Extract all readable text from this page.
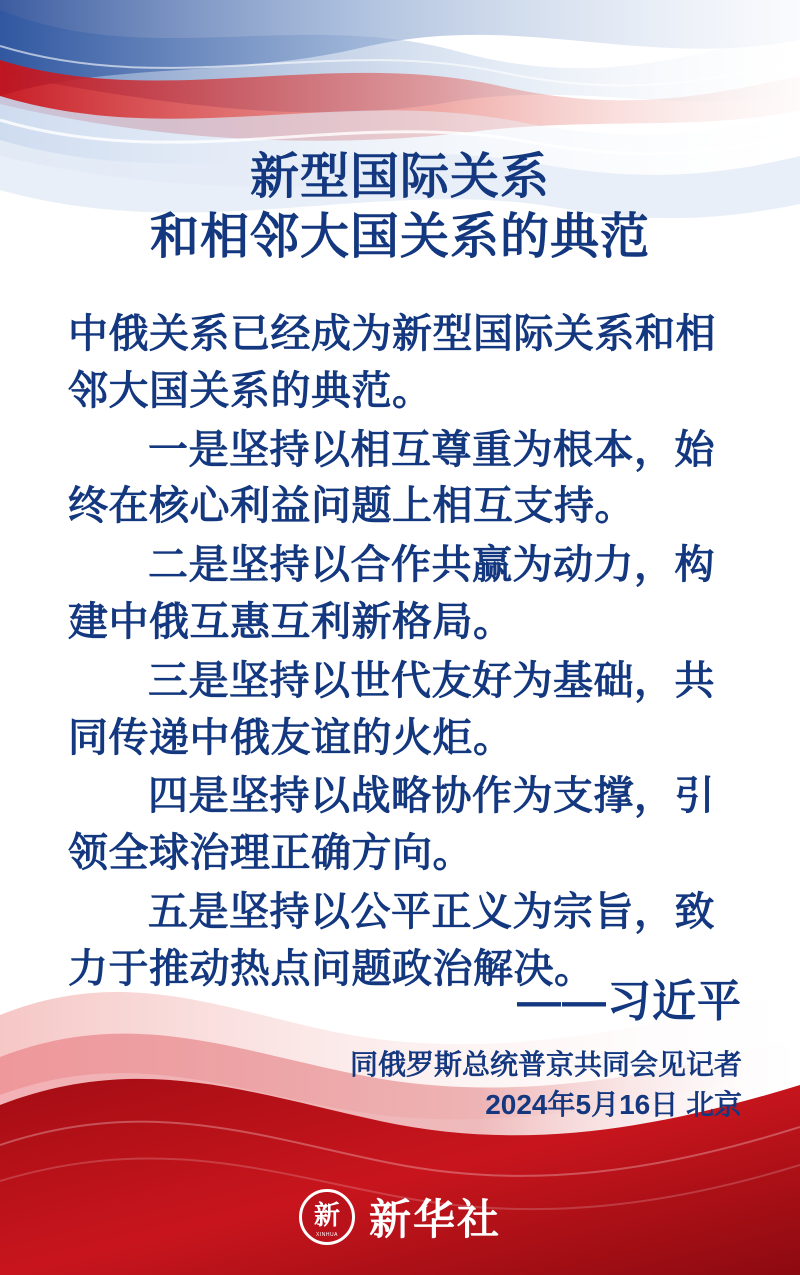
新型国际关系
和相邻大国关系的典范

中俄关系已经成为新型国际关系和相邻大国关系的典范。

一是坚持以相互尊重为根本，始终在核心利益问题上相互支持。

二是坚持以合作共赢为动力，构建中俄互惠互利新格局。

三是坚持以世代友好为基础，共同传递中俄友谊的火炬。

四是坚持以战略协作为支撑，引领全球治理正确方向。

五是坚持以公平正义为宗旨，致力于推动热点问题政治解决。

——习近平
同俄罗斯总统普京共同会见记者
2024年5月16日 北京
新
XINHUA 新华社
